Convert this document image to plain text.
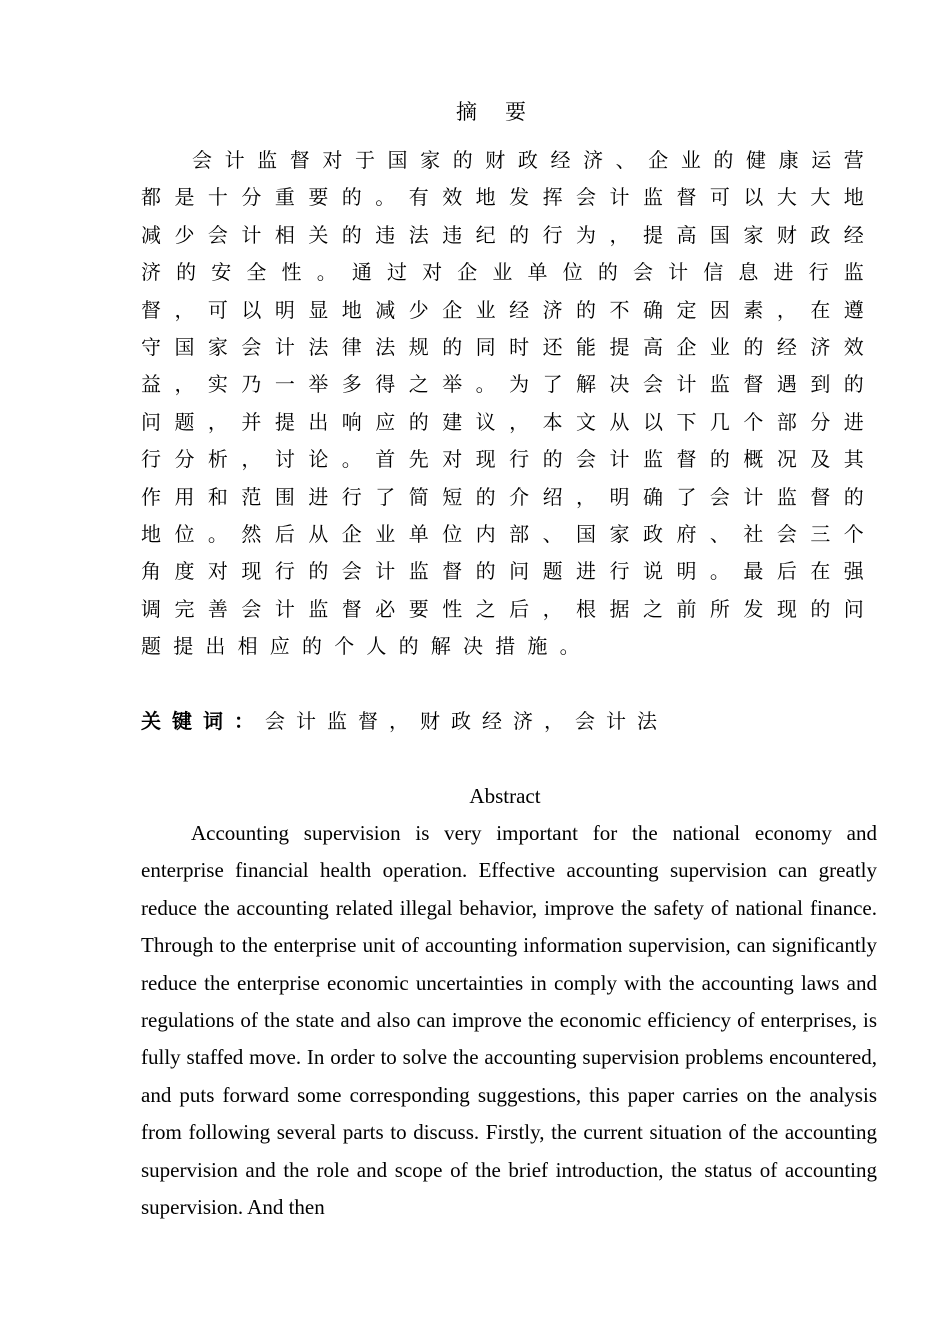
摘要

会计监督对于国家的财政经济、企业的健康运营都是十分重要的。有效地发挥会计监督可以大大地减少会计相关的违法违纪的行为，提高国家财政经济的安全性。通过对企业单位的会计信息进行监督，可以明显地减少企业经济的不确定因素，在遵守国家会计法律法规的同时还能提高企业的经济效益，实乃一举多得之举。为了解决会计监督遇到的问题，并提出响应的建议，本文从以下几个部分进行分析，讨论。首先对现行的会计监督的概况及其作用和范围进行了简短的介绍，明确了会计监督的地位。然后从企业单位内部、国家政府、社会三个角度对现行的会计监督的问题进行说明。最后在强调完善会计监督必要性之后，根据之前所发现的问题提出相应的个人的解决措施。

关键词：会计监督，财政经济，会计法
Abstract

Accounting supervision is very important for the national economy and enterprise financial health operation. Effective accounting supervision can greatly reduce the accounting related illegal behavior, improve the safety of national finance. Through to the enterprise unit of accounting information supervision, can significantly reduce the enterprise economic uncertainties in comply with the accounting laws and regulations of the state and also can improve the economic efficiency of enterprises, is fully staffed move. In order to solve the accounting supervision problems encountered, and puts forward some corresponding suggestions, this paper carries on the analysis from following several parts to discuss. Firstly, the current situation of the accounting supervision and the role and scope of the brief introduction, the status of accounting supervision. And then
